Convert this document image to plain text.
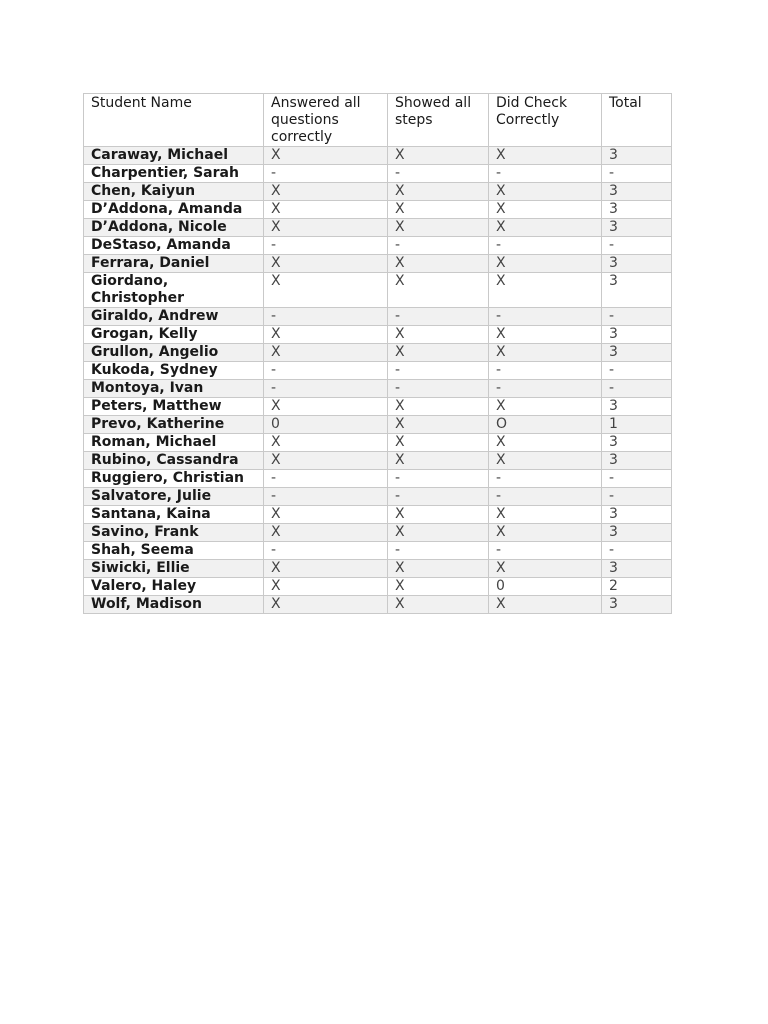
Student Name	Answered all questions correctly	Showed all steps	Did Check Correctly	Total
Caraway, Michael	X	X	X	3
Charpentier, Sarah	-	-	-	-
Chen, Kaiyun	X	X	X	3
D’Addona, Amanda	X	X	X	3
D’Addona, Nicole	X	X	X	3
DeStaso, Amanda	-	-	-	-
Ferrara, Daniel	X	X	X	3
Giordano, Christopher	X	X	X	3
Giraldo, Andrew	-	-	-	-
Grogan, Kelly	X	X	X	3
Grullon, Angelio	X	X	X	3
Kukoda, Sydney	-	-	-	-
Montoya, Ivan	-	-	-	-
Peters, Matthew	X	X	X	3
Prevo, Katherine	0	X	O	1
Roman, Michael	X	X	X	3
Rubino, Cassandra	X	X	X	3
Ruggiero, Christian	-	-	-	-
Salvatore, Julie	-	-	-	-
Santana, Kaina	X	X	X	3
Savino, Frank	X	X	X	3
Shah, Seema	-	-	-	-
Siwicki, Ellie	X	X	X	3
Valero, Haley	X	X	0	2
Wolf, Madison	X	X	X	3
